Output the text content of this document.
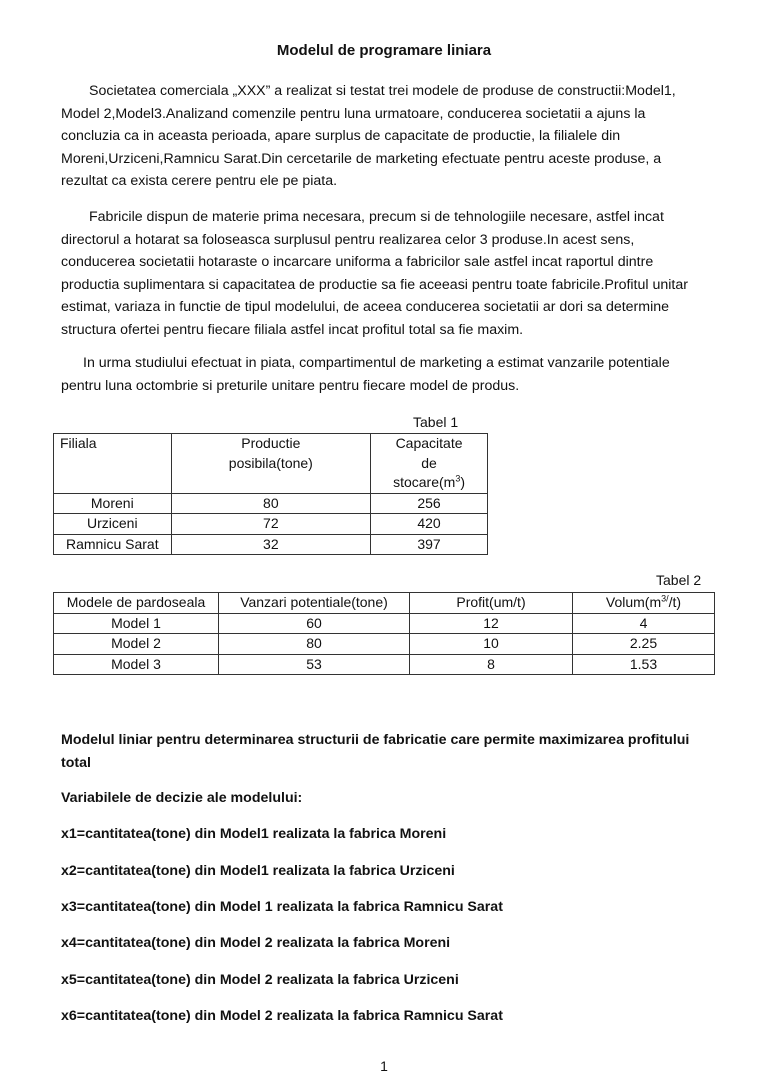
Modelul de programare liniara

Societatea comerciala „XXX” a realizat si testat trei modele de produse de constructii:Model1, Model 2,Model3.Analizand comenzile pentru luna urmatoare, conducerea societatii a ajuns la concluzia ca in aceasta perioada, apare surplus de capacitate de productie, la filialele din Moreni,Urziceni,Ramnicu Sarat.Din cercetarile de marketing efectuate pentru aceste produse, a rezultat ca exista cerere pentru ele pe piata.

Fabricile dispun de materie prima necesara, precum si de tehnologiile necesare, astfel incat directorul a hotarat sa foloseasca surplusul pentru realizarea celor 3 produse.In acest sens, conducerea societatii hotaraste o incarcare uniforma a fabricilor sale astfel incat raportul dintre productia suplimentara si capacitatea de productie sa fie aceeasi pentru toate fabricile.Profitul unitar estimat, variaza in functie de tipul modelului, de aceea conducerea societatii ar dori sa determine structura ofertei pentru fiecare filiala astfel incat profitul total sa fie maxim.

In urma studiului efectuat in piata, compartimentul de marketing a estimat vanzarile potentiale pentru luna octombrie si preturile unitare pentru fiecare model de produs.

Tabel 1
Filiala	Productie posibila(tone)	Capacitate de $stocare(m^3)$
Moreni	80	256
Urziceni	72	420
Ramnicu Sarat	32	397
Tabel 2
Modele de pardoseala	Vanzari potentiale(tone)	Profit(um/t)	$Volum(m^{3/}/t)$
Model 1	60	12	4
Model 2	80	10	2.25
Model 3	53	8	1.53

Modelul liniar pentru determinarea structurii de fabricatie care permite maximizarea profitului total

Variabilele de decizie ale modelului:

x1=cantitatea(tone) din Model1 realizata la fabrica Moreni

x2=cantitatea(tone) din Model1 realizata la fabrica Urziceni

x3=cantitatea(tone) din Model 1 realizata la fabrica Ramnicu Sarat

x4=cantitatea(tone) din Model 2 realizata la fabrica Moreni

x5=cantitatea(tone) din Model 2 realizata la fabrica Urziceni

x6=cantitatea(tone) din Model 2 realizata la fabrica Ramnicu Sarat

1
